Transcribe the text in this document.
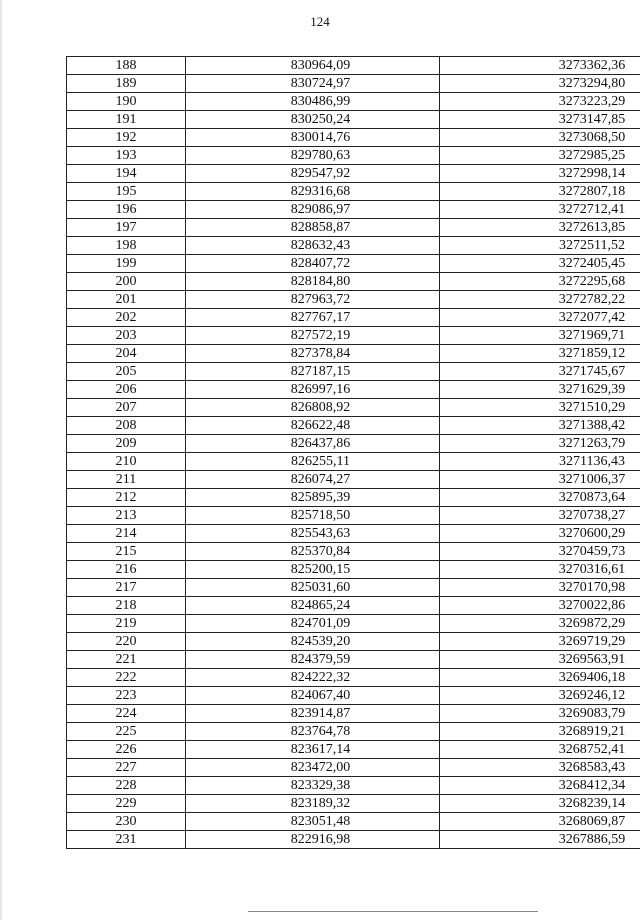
124
188	830964,09	3273362,36
189	830724,97	3273294,80
190	830486,99	3273223,29
191	830250,24	3273147,85
192	830014,76	3273068,50
193	829780,63	3272985,25
194	829547,92	3272998,14
195	829316,68	3272807,18
196	829086,97	3272712,41
197	828858,87	3272613,85
198	828632,43	3272511,52
199	828407,72	3272405,45
200	828184,80	3272295,68
201	827963,72	3272782,22
202	827767,17	3272077,42
203	827572,19	3271969,71
204	827378,84	3271859,12
205	827187,15	3271745,67
206	826997,16	3271629,39
207	826808,92	3271510,29
208	826622,48	3271388,42
209	826437,86	3271263,79
210	826255,11	3271136,43
211	826074,27	3271006,37
212	825895,39	3270873,64
213	825718,50	3270738,27
214	825543,63	3270600,29
215	825370,84	3270459,73
216	825200,15	3270316,61
217	825031,60	3270170,98
218	824865,24	3270022,86
219	824701,09	3269872,29
220	824539,20	3269719,29
221	824379,59	3269563,91
222	824222,32	3269406,18
223	824067,40	3269246,12
224	823914,87	3269083,79
225	823764,78	3268919,21
226	823617,14	3268752,41
227	823472,00	3268583,43
228	823329,38	3268412,34
229	823189,32	3268239,14
230	823051,48	3268069,87
231	822916,98	3267886,59
